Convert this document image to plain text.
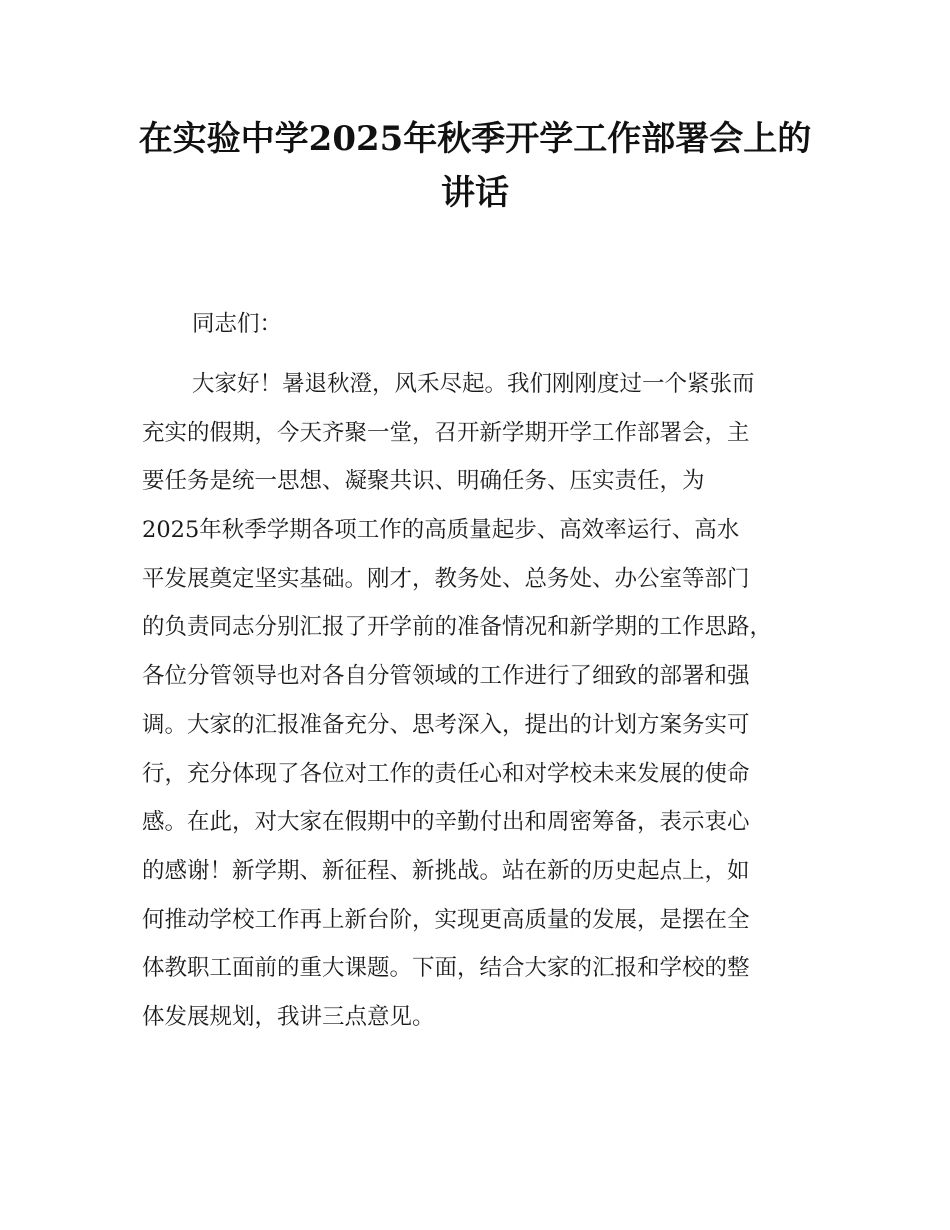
在实验中学2025年秋季开学工作部署会上的
讲话

同志们：

大家好！暑退秋澄，风禾尽起。我们刚刚度过一个紧张而
充实的假期，今天齐聚一堂，召开新学期开学工作部署会，主
要任务是统一思想、凝聚共识、明确任务、压实责任，为
2025年秋季学期各项工作的高质量起步、高效率运行、高水
平发展奠定坚实基础。刚才，教务处、总务处、办公室等部门
的负责同志分别汇报了开学前的准备情况和新学期的工作思路，
各位分管领导也对各自分管领域的工作进行了细致的部署和强
调。大家的汇报准备充分、思考深入，提出的计划方案务实可
行，充分体现了各位对工作的责任心和对学校未来发展的使命
感。在此，对大家在假期中的辛勤付出和周密筹备，表示衷心
的感谢！新学期、新征程、新挑战。站在新的历史起点上，如
何推动学校工作再上新台阶，实现更高质量的发展，是摆在全
体教职工面前的重大课题。下面，结合大家的汇报和学校的整
体发展规划，我讲三点意见。
